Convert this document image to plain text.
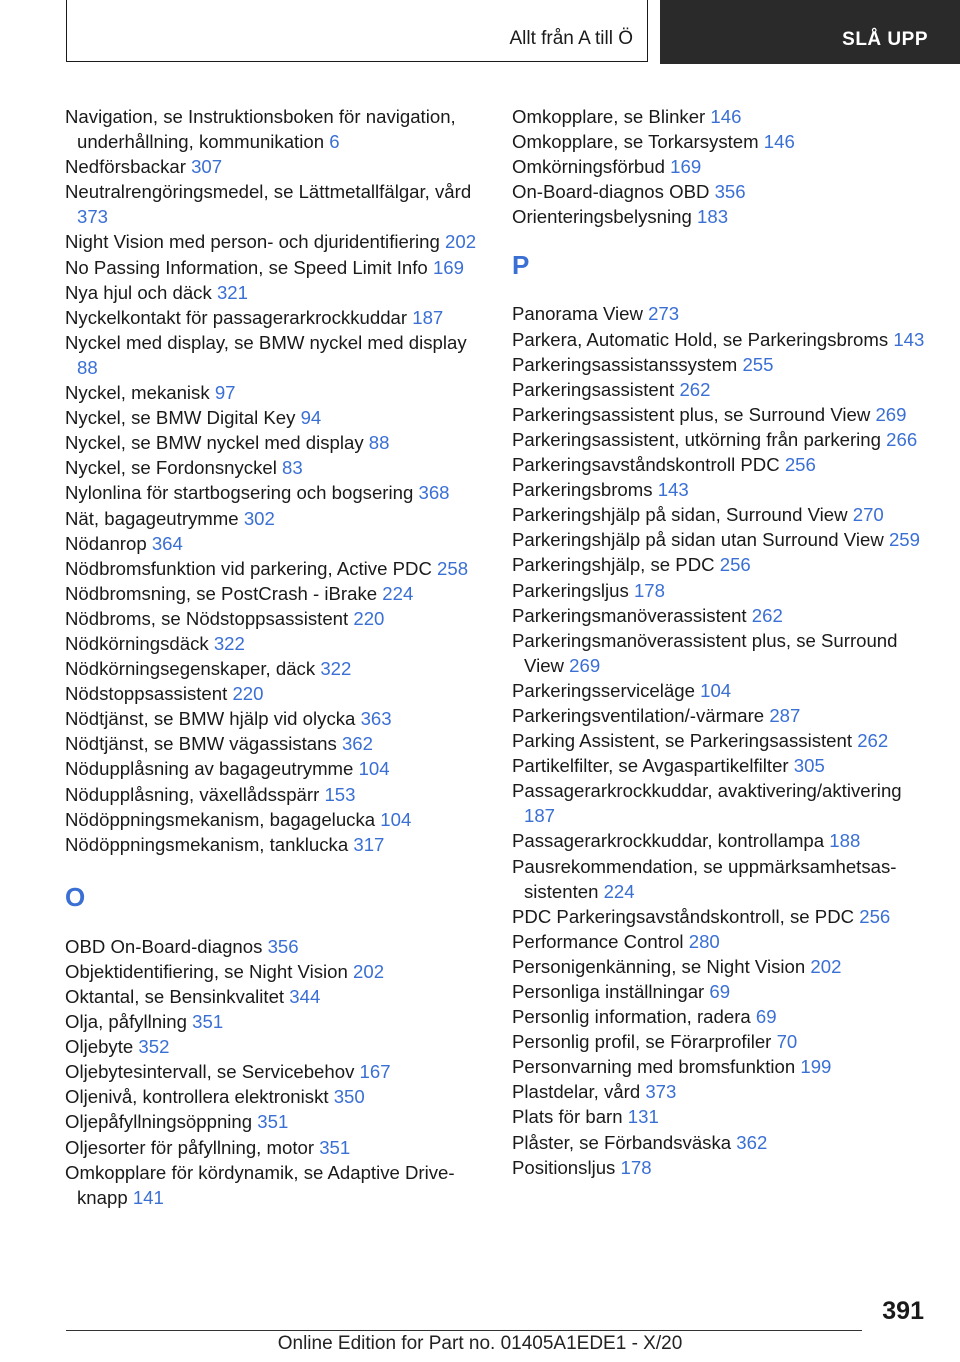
Allt från A till Ö	SLÅ UPP
Navigation, se Instruktionsboken för navigation, underhållning, kommunikation 6
Nedförsbackar 307
Neutralrengöringsmedel, se Lättmetallfälgar, vård 373
Night Vision med person- och djuridentifiering 202
No Passing Information, se Speed Limit Info 169
Nya hjul och däck 321
Nyckelkontakt för passagerarkrockkuddar 187
Nyckel med display, se BMW nyckel med display 88
Nyckel, mekanisk 97
Nyckel, se BMW Digital Key 94
Nyckel, se BMW nyckel med display 88
Nyckel, se Fordonsnyckel 83
Nylonlina för startbogsering och bogsering 368
Nät, bagageutrymme 302
Nödanrop 364
Nödbromsfunktion vid parkering, Active PDC 258
Nödbromsning, se PostCrash - iBrake 224
Nödbroms, se Nödstoppsassistent 220
Nödkörningsdäck 322
Nödkörningsegenskaper, däck 322
Nödstoppsassistent 220
Nödtjänst, se BMW hjälp vid olycka 363
Nödtjänst, se BMW vägassistans 362
Nödupplåsning av bagageutrymme 104
Nödupplåsning, växellådsspärr 153
Nödöppningsmekanism, bagagelucka 104
Nödöppningsmekanism, tanklucka 317
O
OBD On-Board-diagnos 356
Objektidentifiering, se Night Vision 202
Oktantal, se Bensinkvalitet 344
Olja, påfyllning 351
Oljebyte 352
Oljebytesintervall, se Servicebehov 167
Oljenivå, kontrollera elektroniskt 350
Oljepåfyllningsöppning 351
Oljesorter för påfyllning, motor 351
Omkopplare för kördynamik, se Adaptive Driveknapp 141
Omkopplare, se Blinker 146
Omkopplare, se Torkarsystem 146
Omkörningsförbud 169
On-Board-diagnos OBD 356
Orienteringsbelysning 183
P
Panorama View 273
Parkera, Automatic Hold, se Parkeringsbroms 143
Parkeringsassistanssystem 255
Parkeringsassistent 262
Parkeringsassistent plus, se Surround View 269
Parkeringsassistent, utkörning från parkering 266
Parkeringsavståndskontroll PDC 256
Parkeringsbroms 143
Parkeringshjälp på sidan, Surround View 270
Parkeringshjälp på sidan utan Surround View 259
Parkeringshjälp, se PDC 256
Parkeringsljus 178
Parkeringsmanöverassistent 262
Parkeringsmanöverassistent plus, se Surround View 269
Parkeringsserviceläge 104
Parkeringsventilation/-värmare 287
Parking Assistent, se Parkeringsassistent 262
Partikelfilter, se Avgaspartikelfilter 305
Passagerarkrockkuddar, avaktivering/aktivering 187
Passagerarkrockkuddar, kontrollampa 188
Pausrekommendation, se uppmärksamhetsassistenten 224
PDC Parkeringsavståndskontroll, se PDC 256
Performance Control 280
Personigenkänning, se Night Vision 202
Personliga inställningar 69
Personlig information, radera 69
Personlig profil, se Förarprofiler 70
Personvarning med bromsfunktion 199
Plastdelar, vård 373
Plats för barn 131
Plåster, se Förbandsväska 362
Positionsljus 178
391
Online Edition for Part no. 01405A1EDE1 - X/20
